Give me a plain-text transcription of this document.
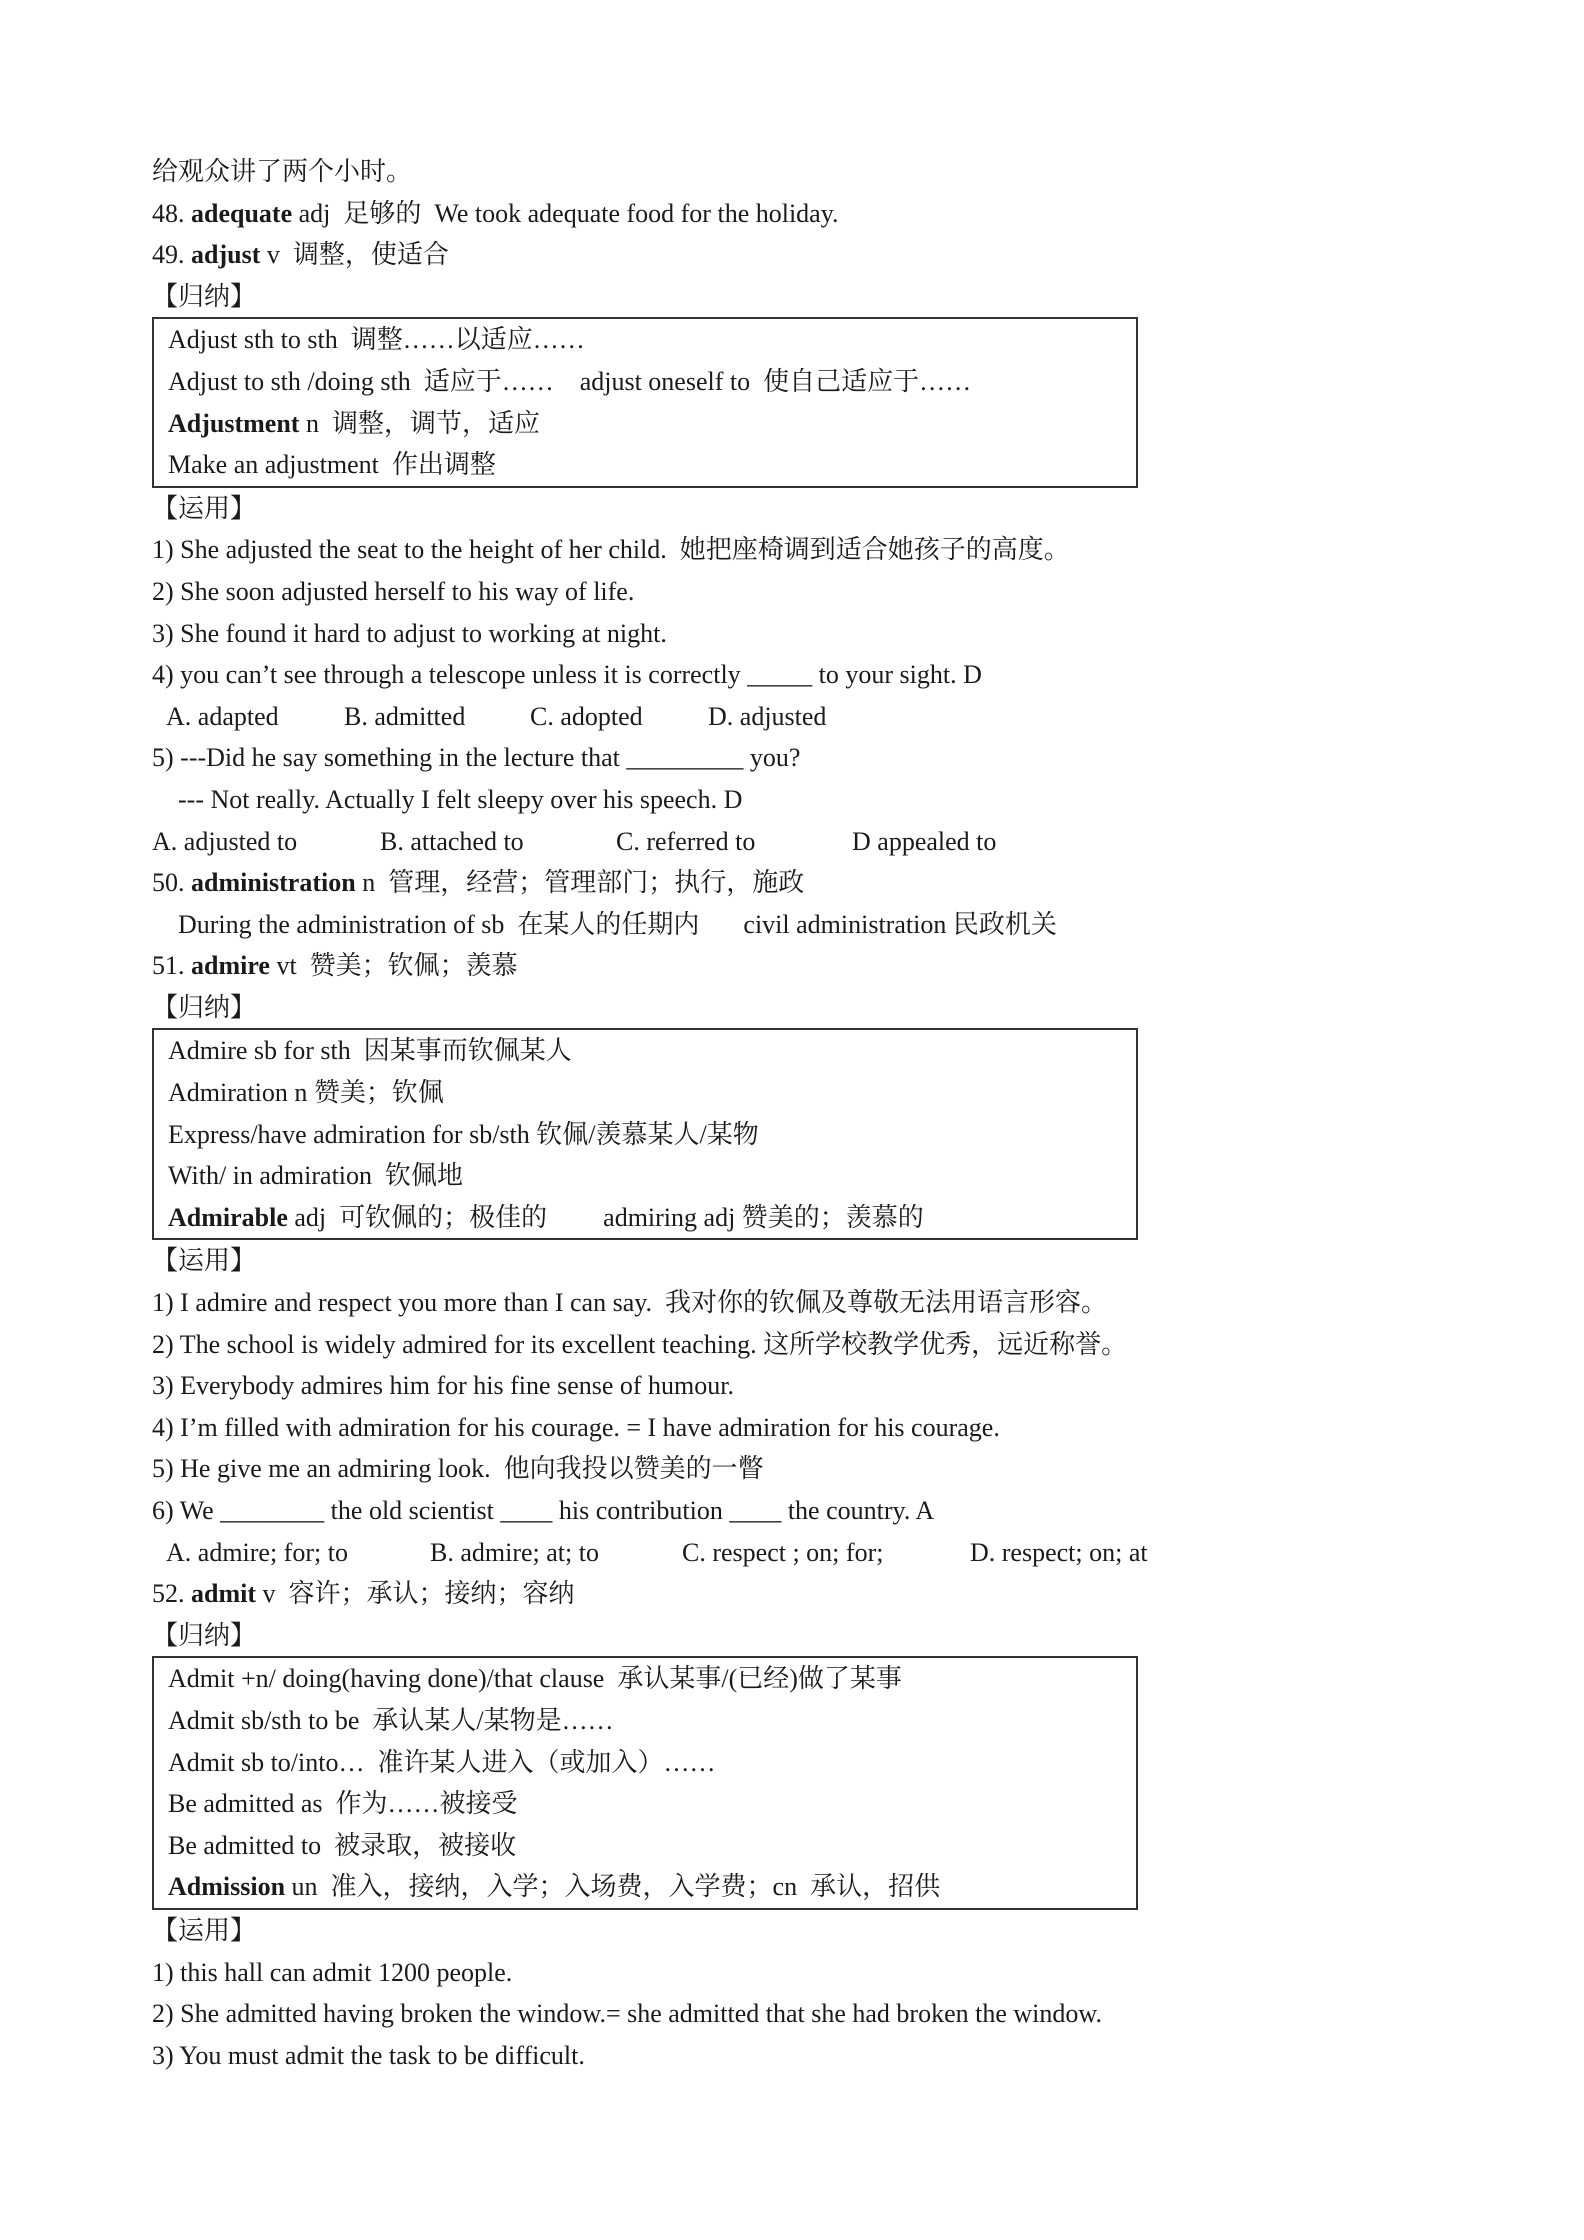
给观众讲了两个小时。
48. adequate adj  足够的  We took adequate food for the holiday.
49. adjust v  调整，使适合
【归纳】
Adjust sth to sth  调整……以适应……
Adjust to sth /doing sth  适应于…… adjust oneself to  使自己适应于……
Adjustment n  调整，调节，适应
Make an adjustment  作出调整
【运用】
1) She adjusted the seat to the height of her child.  她把座椅调到适合她孩子的高度。
2) She soon adjusted herself to his way of life.
3) She found it hard to adjust to working at night.
4) you can’t see through a telescope unless it is correctly _____ to your sight. D
A. adapted	B. admitted C. adopted	D. adjusted
5) ---Did he say something in the lecture that _________ you?
--- Not really. Actually I felt sleepy over his speech. D
A. adjusted to	B. attached to	C. referred to	D appealed to
50. administration n  管理，经营；管理部门；执行，施政
During the administration of sb  在某人的任期内 civil administration 民政机关
51. admire vt  赞美；钦佩；羡慕
【归纳】
Admire sb for sth  因某事而钦佩某人
Admiration n 赞美；钦佩
Express/have admiration for sb/sth 钦佩/羡慕某人/某物
With/ in admiration  钦佩地
Admirable adj  可钦佩的；极佳的 admiring adj 赞美的；羡慕的
【运用】
1) I admire and respect you more than I can say.  我对你的钦佩及尊敬无法用语言形容。
2) The school is widely admired for its excellent teaching. 这所学校教学优秀，远近称誉。
3) Everybody admires him for his fine sense of humour.
4) I’m filled with admiration for his courage. = I have admiration for his courage.
5) He give me an admiring look.  他向我投以赞美的一瞥
6) We ________ the old scientist ____ his contribution ____ the country. A
A. admire; for; to	B. admire; at; to	C. respect ; on; for;	D. respect; on; at
52. admit v  容许；承认；接纳；容纳
【归纳】
Admit +n/ doing(having done)/that clause  承认某事/(已经)做了某事
Admit sb/sth to be  承认某人/某物是……
Admit sb to/into…  准许某人进入（或加入）……
Be admitted as  作为……被接受
Be admitted to  被录取，被接收
Admission un  准入，接纳，入学；入场费，入学费；cn  承认，招供
【运用】
1) this hall can admit 1200 people.
2) She admitted having broken the window.= she admitted that she had broken the window.
3) You must admit the task to be difficult.
